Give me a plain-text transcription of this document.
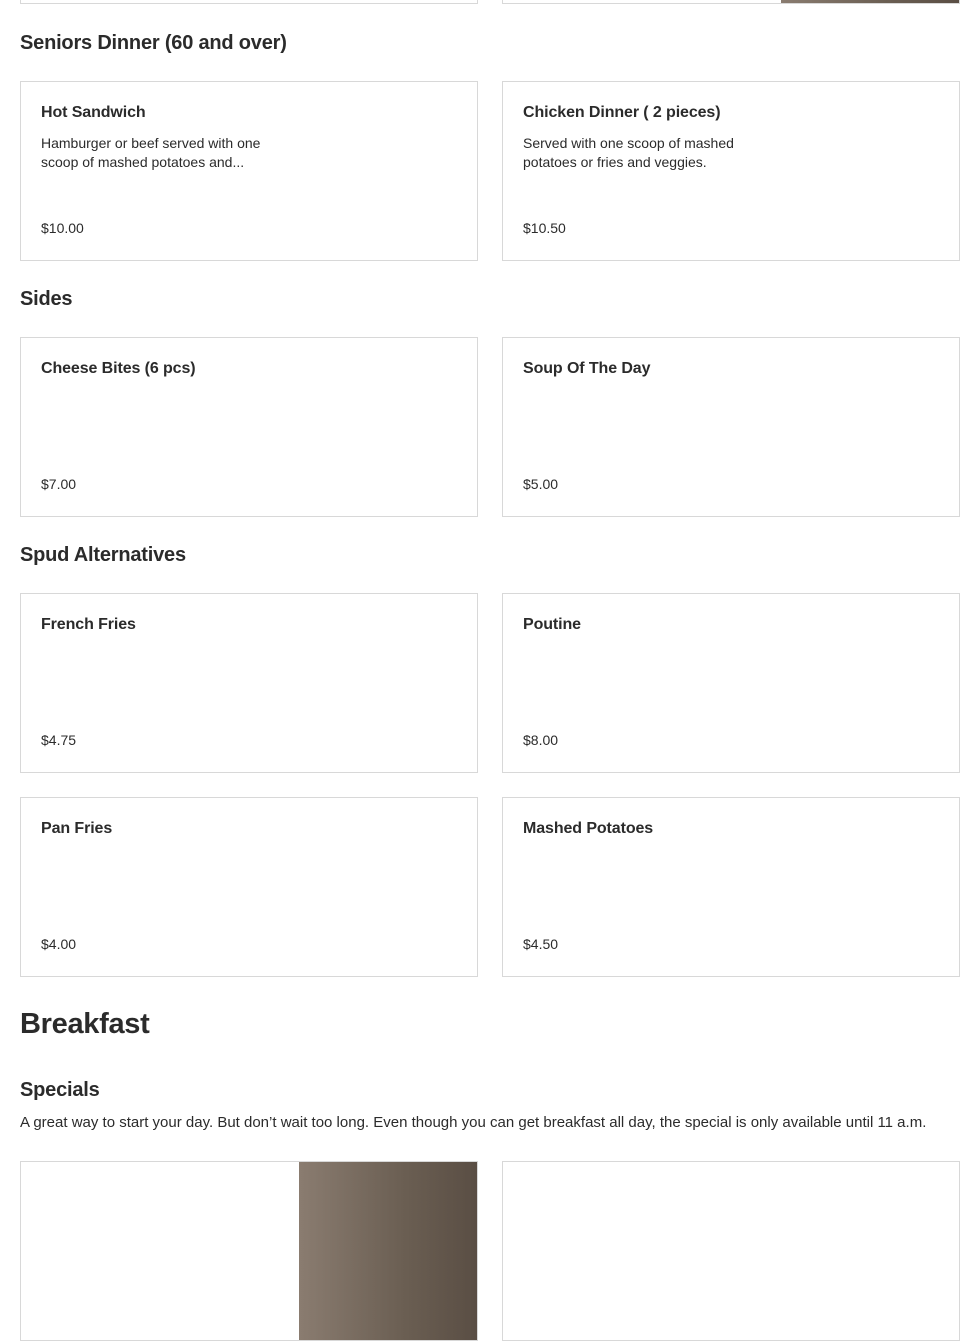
Seniors Dinner (60 and over)
Hot Sandwich
Hamburger or beef served with one scoop of mashed potatoes and...
$10.00
Chicken Dinner ( 2 pieces)
Served with one scoop of mashed potatoes or fries and veggies.
$10.50
Sides
Cheese Bites (6 pcs)
$7.00
Soup Of The Day
$5.00
Spud Alternatives
French Fries
$4.75
Poutine
$8.00
Pan Fries
$4.00
Mashed Potatoes
$4.50
Breakfast
Specials

A great way to start your day. But don’t wait too long. Even though you can get breakfast all day, the special is only available until 11 a.m.
